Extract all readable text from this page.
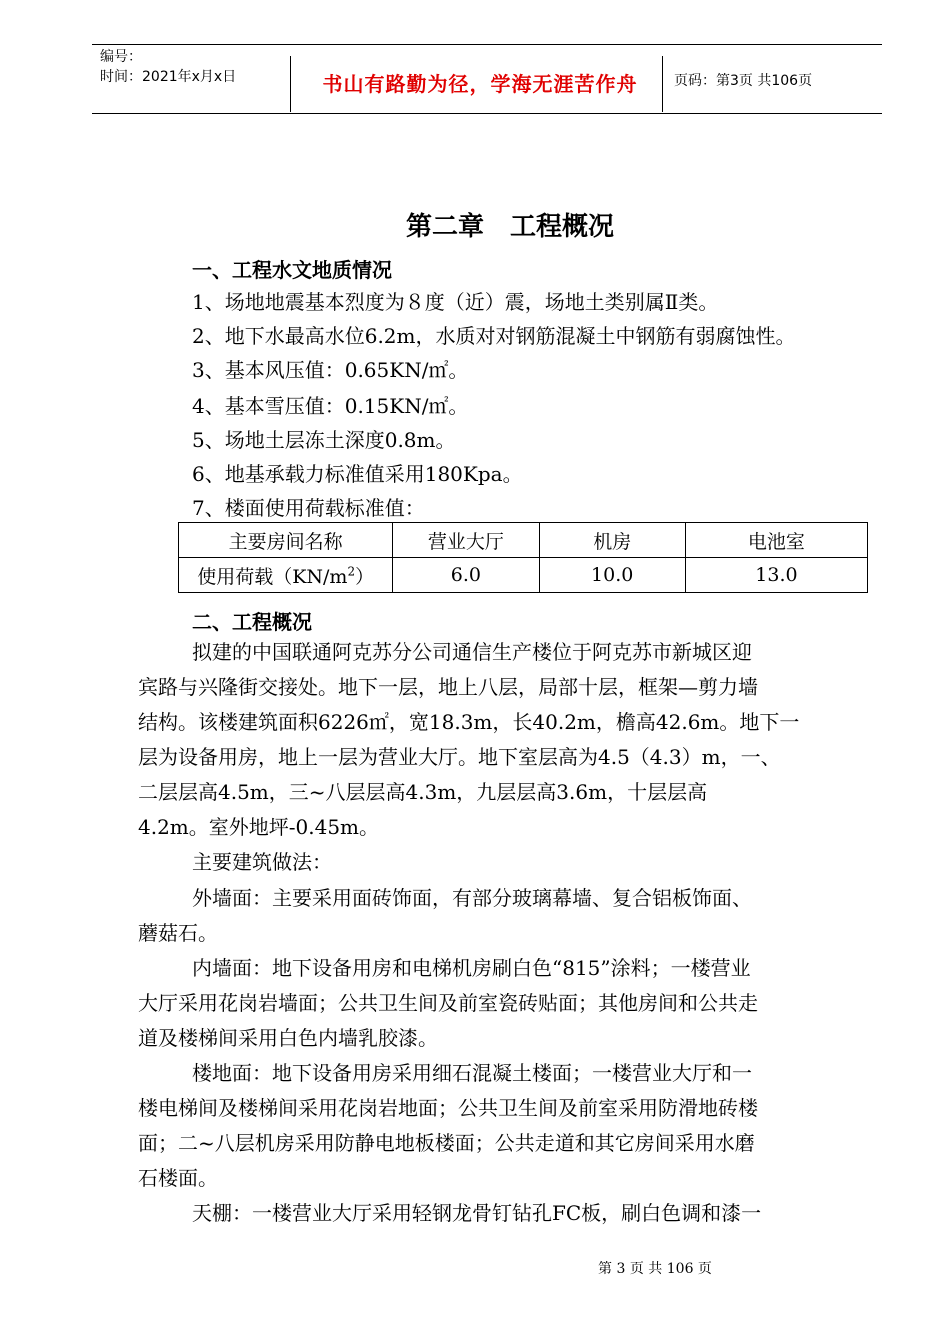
编号：
时间：2021年x月x日	书山有路勤为径，学海无涯苦作舟	页码：第3页 共106页
第二章　工程概况
一、工程水文地质情况
1、场地地震基本烈度为８度（近）震，场地土类别属Ⅱ类。
2、地下水最高水位6.2m，水质对对钢筋混凝土中钢筋有弱腐蚀性。
3、基本风压值：0.65KN/㎡。
4、基本雪压值：0.15KN/㎡。
5、场地土层冻土深度0.8m。
6、地基承载力标准值采用180Kpa。
7、楼面使用荷载标准值：
主要房间名称	营业大厅	机房	电池室
使用荷载$(KN/m^2)$	6.0	10.0	13.0
二、工程概况
拟建的中国联通阿克苏分公司通信生产楼位于阿克苏市新城区迎
宾路与兴隆街交接处。地下一层，地上八层，局部十层，框架—剪力墙
结构。该楼建筑面积6226㎡，宽18.3m，长40.2m，檐高42.6m。地下一
层为设备用房，地上一层为营业大厅。地下室层高为4.5（4.3）m，一、
二层层高4.5m，三~八层层高4.3m，九层层高3.6m，十层层高
4.2m。室外地坪-0.45m。
主要建筑做法：
外墙面：主要采用面砖饰面，有部分玻璃幕墙、复合铝板饰面、
蘑菇石。
内墙面：地下设备用房和电梯机房刷白色“815”涂料；一楼营业
大厅采用花岗岩墙面；公共卫生间及前室瓷砖贴面；其他房间和公共走
道及楼梯间采用白色内墙乳胶漆。
楼地面：地下设备用房采用细石混凝土楼面；一楼营业大厅和一
楼电梯间及楼梯间采用花岗岩地面；公共卫生间及前室采用防滑地砖楼
面；二~八层机房采用防静电地板楼面；公共走道和其它房间采用水磨
石楼面。
天棚：一楼营业大厅采用轻钢龙骨钉钻孔FC板，刷白色调和漆一
第 3 页 共 106 页
